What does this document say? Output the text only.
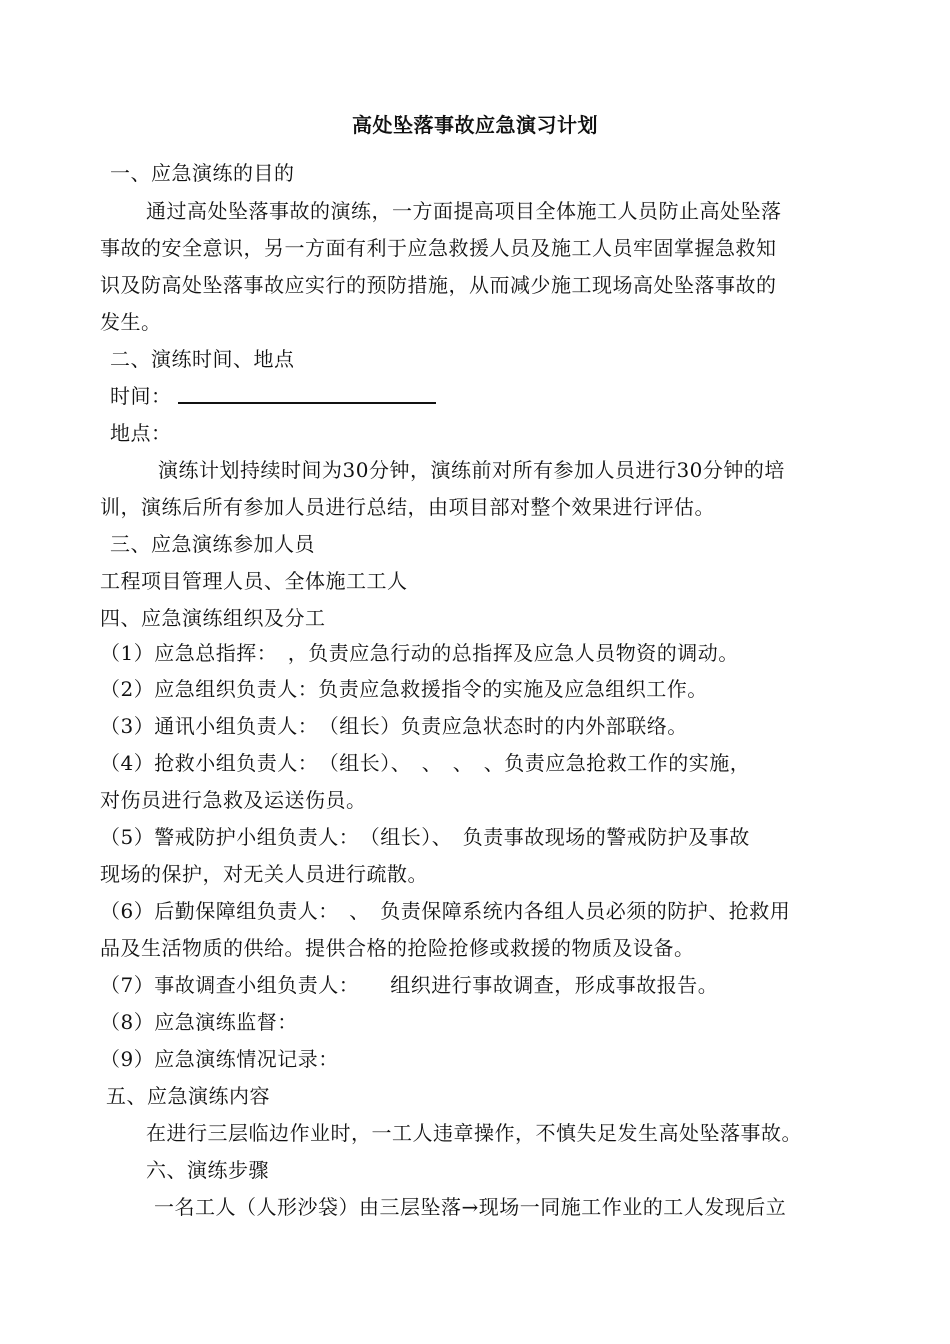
高处坠落事故应急演习计划
一、应急演练的目的
通过高处坠落事故的演练，一方面提高项目全体施工人员防止高处坠落
事故的安全意识，另一方面有利于应急救援人员及施工人员牢固掌握急救知
识及防高处坠落事故应实行的预防措施，从而减少施工现场高处坠落事故的
发生。
二、演练时间、地点
时间：
地点：
演练计划持续时间为30分钟，演练前对所有参加人员进行30分钟的培
训，演练后所有参加人员进行总结，由项目部对整个效果进行评估。
三、应急演练参加人员
工程项目管理人员、全体施工工人
四、应急演练组织及分工
（1）应急总指挥：　，负责应急行动的总指挥及应急人员物资的调动。
（2）应急组织负责人：负责应急救援指令的实施及应急组织工作。
（3）通讯小组负责人：　（组长）负责应急状态时的内外部联络。
（4）抢救小组负责人：　（组长）、　、　、　、负责应急抢救工作的实施，
对伤员进行急救及运送伤员。
（5）警戒防护小组负责人：　（组长）、　负责事故现场的警戒防护及事故
现场的保护，对无关人员进行疏散。
（6）后勤保障组负责人：　、　负责保障系统内各组人员必须的防护、抢救用
品及生活物质的供给。提供合格的抢险抢修或救援的物质及设备。
（7）事故调查小组负责人：　　组织进行事故调查，形成事故报告。
（8）应急演练监督：
（9）应急演练情况记录：
五、应急演练内容
在进行三层临边作业时，一工人违章操作，不慎失足发生高处坠落事故。
六、演练步骤
一名工人（人形沙袋）由三层坠落→现场一同施工作业的工人发现后立
